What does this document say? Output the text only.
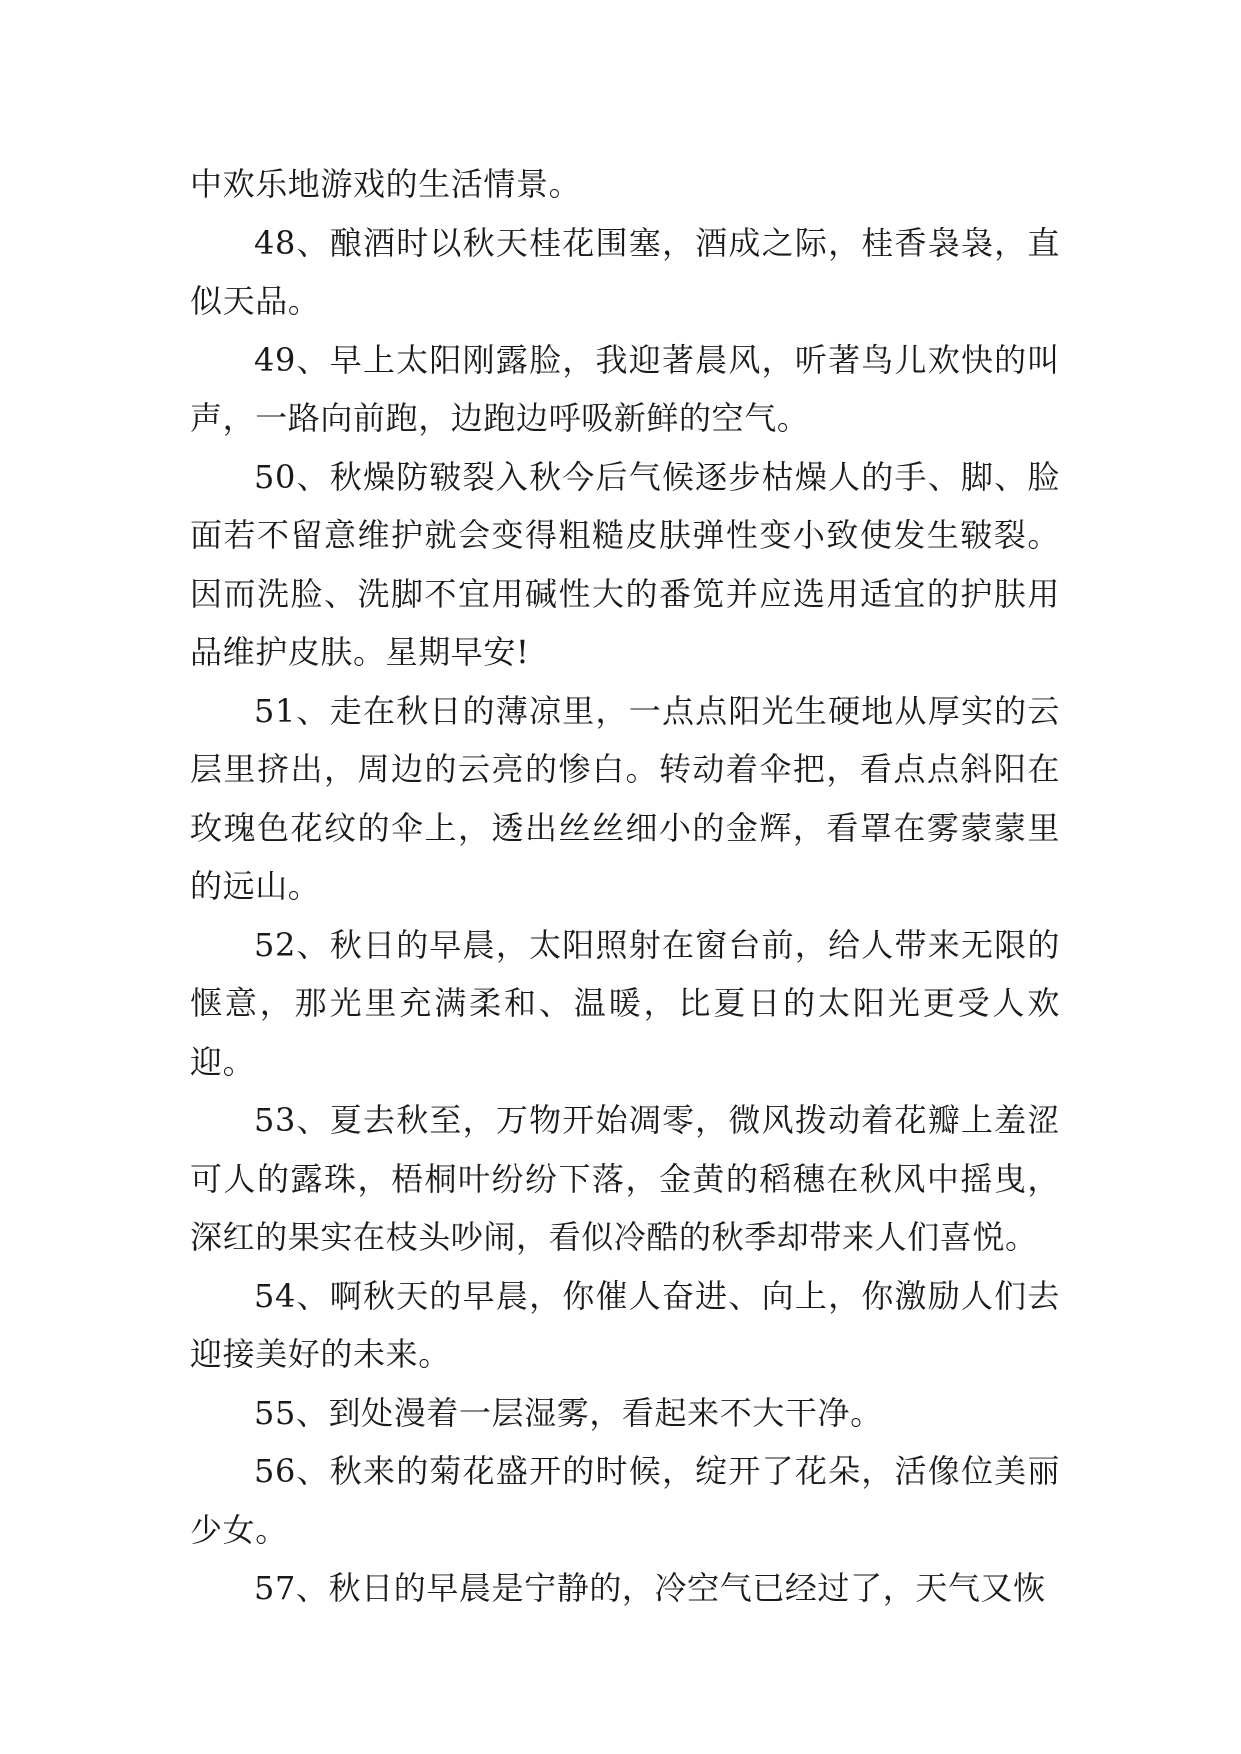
中欢乐地游戏的生活情景。

48、酿酒时以秋天桂花围塞，酒成之际，桂香袅袅，直似天品。

49、早上太阳刚露脸，我迎著晨风，听著鸟儿欢快的叫声，一路向前跑，边跑边呼吸新鲜的空气。

50、秋燥防皲裂入秋今后气候逐步枯燥人的手、脚、脸面若不留意维护就会变得粗糙皮肤弹性变小致使发生皲裂。因而洗脸、洗脚不宜用碱性大的番笕并应选用适宜的护肤用品维护皮肤。星期早安!

51、走在秋日的薄凉里，一点点阳光生硬地从厚实的云层里挤出，周边的云亮的惨白。转动着伞把，看点点斜阳在玫瑰色花纹的伞上，透出丝丝细小的金辉，看罩在雾蒙蒙里的远山。

52、秋日的早晨，太阳照射在窗台前，给人带来无限的惬意，那光里充满柔和、温暖，比夏日的太阳光更受人欢迎。

53、夏去秋至，万物开始凋零，微风拨动着花瓣上羞涩可人的露珠，梧桐叶纷纷下落，金黄的稻穗在秋风中摇曳，深红的果实在枝头吵闹，看似冷酷的秋季却带来人们喜悦。

54、啊秋天的早晨，你催人奋进、向上，你激励人们去迎接美好的未来。

55、到处漫着一层湿雾，看起来不大干净。

56、秋来的菊花盛开的时候，绽开了花朵，活像位美丽少女。

57、秋日的早晨是宁静的，冷空气已经过了，天气又恢
